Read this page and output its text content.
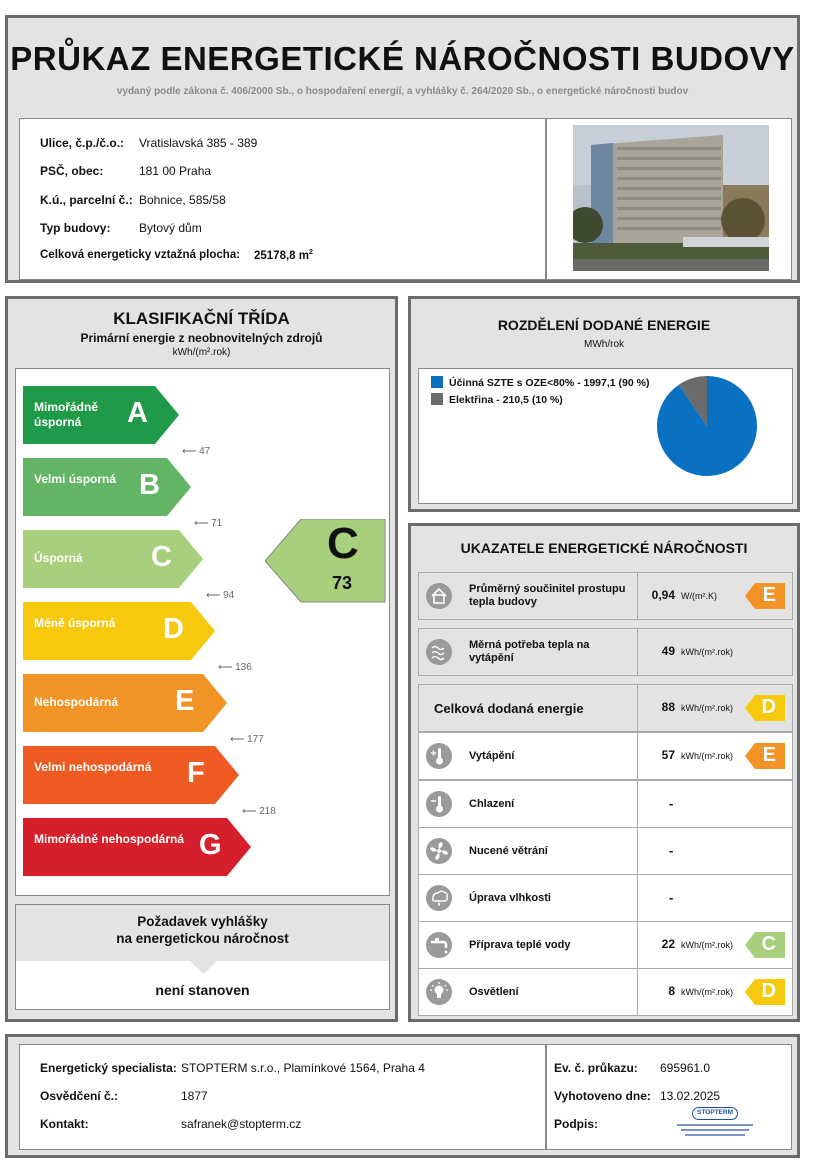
PRŮKAZ ENERGETICKÉ NÁROČNOSTI BUDOVY
vydaný podle zákona č. 406/2000 Sb., o hospodaření energií, a vyhlášky č. 264/2020 Sb., o energetické náročnosti budov
Ulice, č.p./č.o.: Vratislavská 385 - 389
PSČ, obec:	181 00 Praha
K.ú., parcelní č.: Bohnice, 585/58
Typ budovy: Bytový dům
Celková energeticky vztažná plocha: 25178,8 $m^2$
KLASIFIKAČNÍ TŘÍDA
Primární energie z neobnovitelných zdrojů
kWh/(m².rok)
Mimořádně úsporná	A
⟵ 47
Velmi úsporná B
⟵ 71
Úsporná	C
⟵ 94
Méně úsporná	D
⟵ 136
Nehospodárná	E
⟵ 177
Velmi nehospodárná	F
⟵ 218
Mimořádně nehospodárná G
C
73
Požadavek vyhlášky
na energetickou náročnost
není stanoven
ROZDĚLENÍ DODANÉ ENERGIE
MWh/rok
Účinná SZTE s OZE<80% - 1997,1 (90 %)
Elektřina - 210,5 (10 %)
UKAZATELE ENERGETICKÉ NÁROČNOSTI
Průměrný součinitel prostupu tepla budovy	0,94 W/(m².K) E
Měrná potřeba tepla na vytápění	49 kWh/(m².rok)
Celková dodaná energie	88 kWh/(m².rok) D
Vytápění	57 kWh/(m².rok) E
Chlazení	-
Nucené větrání	-
Úprava vlhkosti	-
Příprava teplé vody	22 kWh/(m².rok) C
Osvětlení	8 kWh/(m².rok) D
Energetický specialista: STOPTERM s.r.o., Plamínkové 1564, Praha 4
Osvědčení č.:	1877
Kontakt:	safranek@stopterm.cz
Ev. č. průkazu: 695961.0
Vyhotoveno dne: 13.02.2025
Podpis:
STOPTERM
